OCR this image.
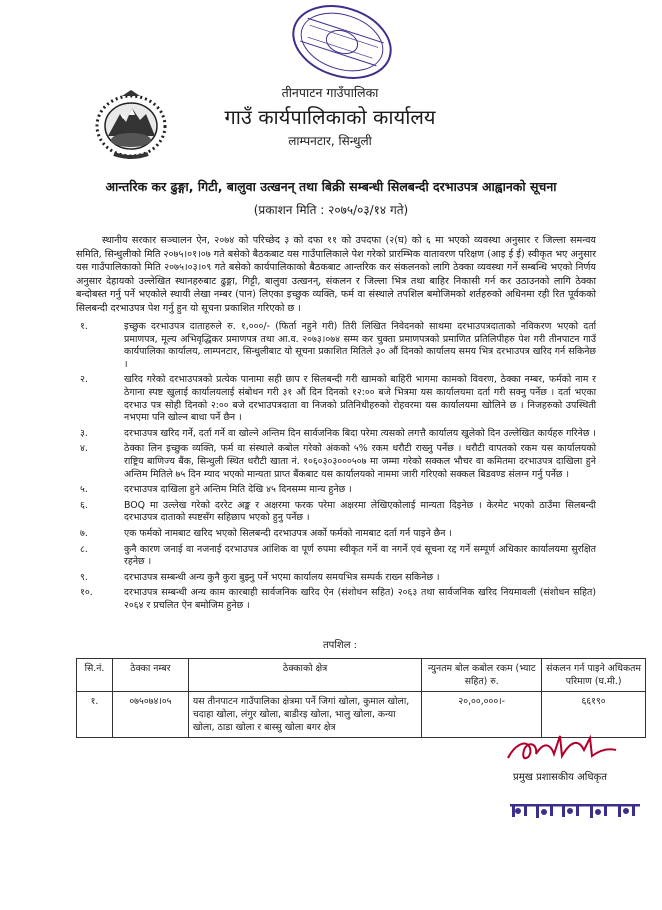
तीनपाटन गाउँपालिका
गाउँ कार्यपालिकाको कार्यालय
लाम्पनटार, सिन्धुली
आन्तरिक कर ढुङ्गा, गिटी, बालुवा उत्खनन् तथा बिक्री सम्बन्धी सिलबन्दी दरभाउपत्र आह्वानको सूचना
(प्रकाशन मिति : २०७५/०३/१४ गते)
स्थानीय सरकार सञ्चालन ऐन, २०७४ को परिच्छेद ३ को दफा ११ को उपदफा (२(घ) को ६ मा भएको व्यवस्था अनुसार र जिल्ला समन्वय समिति, सिन्धुलीको मिति २०७५।०१।०७ गते बसेको बैठकबाट यस गाउँपालिकाले पेश गरेको प्रारम्भिक वातावरण परिक्षण (आइ ई ई) स्वीकृत भए अनुसार यस गाउँपालिकाको मिति २०७५।०३।०९ गते बसेको कार्यपालिकाको बैठकबाट आन्तरिक कर संकलनको लागि ठेक्का व्यवस्था गर्ने सम्बन्धि भएको निर्णय अनुसार देहायको उल्लेखित स्थानहरुबाट ढुङ्गा, गिट्टी, बालुवा उत्खनन्, संकलन र जिल्ला भित्र तथा बाहिर निकासी गर्न कर उठाउनको लागि ठेक्का बन्दोबस्त गर्नु पर्ने भएकोले स्थायी लेखा नम्बर (पान) लिएका इच्छुक व्यक्ति, फर्म वा संस्थाले तपशिल बमोजिमको शर्तहरुको अधिनमा रही रित पूर्वकको सिलबन्दी दरभाउपत्र पेश गर्नु हुन यो सूचना प्रकाशित गरिएको छ ।
१.	इच्छुक दरभाउपत्र दाताहरुले रु. १,०००/- (फिर्ता नहुने गरी) तिरी लिखित निवेदनको साथमा दरभाउपत्रदाताको नविकरण भएको दर्ता प्रमाणपत्र, मूल्य अभिवृद्धिकर प्रमाणपत्र तथा आ.व. २०७३।०७४ सम्म कर चुक्ता प्रमाणपत्रको प्रमाणित प्रतिलिपीहरु पेश गरी तीनपाटन गाउँ कार्यपालिका कार्यालय, लाम्पनटार, सिन्धुलीबाट यो सूचना प्रकाशित मितिले ३० औं दिनको कार्यालय समय भित्र दरभाउपत्र खरिद गर्न सकिनेछ ।
२.	खरिद गरेको दरभाउपत्रको प्रत्येक पानामा सही छाप र सिलबन्दी गरी खामको बाहिरी भागमा कामको विवरण, ठेक्का नम्बर, फर्मको नाम र ठेगाना स्पष्ट खुलाई कार्यालयलाई संबोधन गरी ३१ औं दिन दिनको १२:०० बजे भित्रमा यस कार्यालयमा दर्ता गरी सक्नु पर्नेछ । दर्ता भएका दरभाउ पत्र सोही दिनको २:०० बजे दरभाउपत्रदाता वा निजको प्रतिनिधीहरुको रोहवरमा यस कार्यालयमा खोलिने छ । निजहरुको उपस्थिती नभएमा पनि खोल्न बाधा पर्ने छैन ।
३.	दरभाउपत्र खरिद गर्ने, दर्ता गर्ने वा खोल्ने अन्तिम दिन सार्वजनिक बिदा परेमा त्यसको लगत्तै कार्यालय खुलेको दिन उल्लेखित कार्यहरु गरिनेछ ।
४.	ठेक्का लिन इच्छुक व्यक्ति, फर्म वा संस्थाले कबोल गरेको अंकको ५% रकम धरौटी राख्नु पर्नेछ । धरौटी वापतको रकम यस कार्यालयको राष्ट्रिय बाणिज्य बैंक, सिन्धुली स्थित धरौटी खाता नं. १०६०३०३०००५०७ मा जम्मा गरेको सक्कल भौचर वा कमितमा दरभाउपत्र दाखिला हुने अन्तिम मितिले ७५ दिन म्याद भएको मान्यता प्राप्त बैंकबाट यस कार्यालयको नाममा जारी गरिएको सक्कल बिडवण्ड संलग्न गर्नु पर्नेछ ।
५.	दरभाउपत्र दाखिला हुने अन्तिम मिति देखि ४५ दिनसम्म मान्य हुनेछ ।
६.	BOQ मा उल्लेख गरेको दररेट अङ्क र अक्षरमा फरक परेमा अक्षरमा लेखिएकोलाई मान्यता दिइनेछ । केरमेट भएको ठाउँमा सिलबन्दी दरभाउपत्र दाताको स्पष्टसँग सहिछाप भएको हुनु पर्नेछ ।
७.	एक फर्मको नामबाट खरिद भएको सिलबन्दी दरभाउपत्र अर्को फर्मको नामबाट दर्ता गर्न पाइने छैन ।
८.	कुनै कारण जनाई वा नजनाई दरभाउपत्र आंशिक वा पूर्ण रुपमा स्वीकृत गर्ने वा नगर्ने एवं सूचना रद्द गर्ने सम्पूर्ण अधिकार कार्यालयमा सुरक्षित रहनेछ ।
९.	दरभाउपत्र सम्बन्धी अन्य कुनै कुरा बुझ्नु पर्ने भएमा कार्यालय समयभित्र सम्पर्क राख्न सकिनेछ ।
१०.	दरभाउपत्र सम्बन्धी अन्य काम कारबाही सार्वजनिक खरिद ऐन (संशोधन सहित) २०६३ तथा सार्वजनिक खरिद नियमावली (संशोधन सहित) २०६४ र प्रचलित ऐन बमोजिम हुनेछ ।
तपशिल :
सि.नं.	ठेक्का नम्बर	ठेक्काको क्षेत्र	न्युनतम बोल कबोल रकम (भ्याट सहित) रु.	संकलन गर्न पाइने अधिकतम परिमाण (घ.मी.)
१.	०७५०७४।०५	यस तीनपाटन गाउँपालिका क्षेत्रमा पर्ने जिगां खोला, कुमाल खोला, चदाहा खोला, लंगुर खोला, बाडीरइ खोला, भालु खोला, कन्या खोला, ठाडा खोला र बास्सु खोला बगर क्षेत्र	२०,००,०००।-	६६१९०
प्रमुख प्रशासकीय अधिकृत
